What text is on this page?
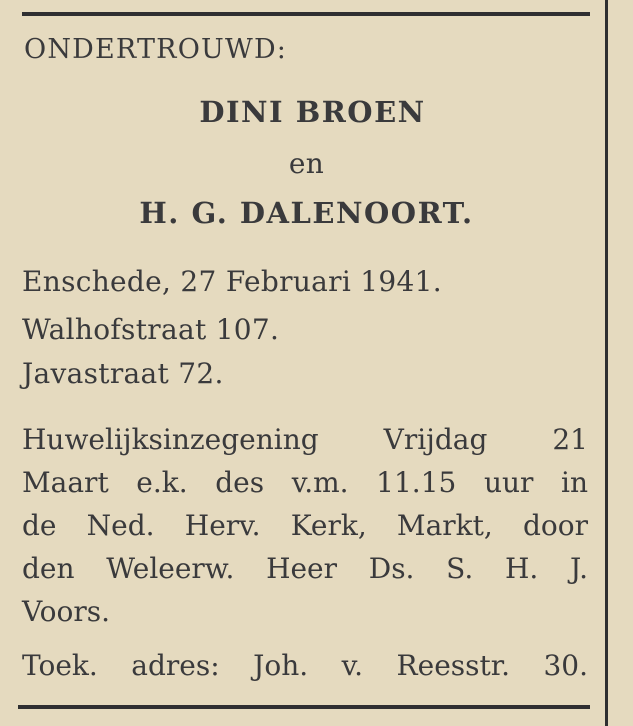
ONDERTROUWD:
DINI BROEN
en
H. G. DALENOORT.
Enschede, 27 Februari 1941.
Walhofstraat 107.
Javastraat 72.
Huwelijksinzegening Vrijdag 21
Maart e.k. des v.m. 11.15 uur in
de Ned. Herv. Kerk, Markt, door
den Weleerw. Heer Ds. S. H. J.
Voors.
Toek. adres: Joh. v. Reesstr. 30.
